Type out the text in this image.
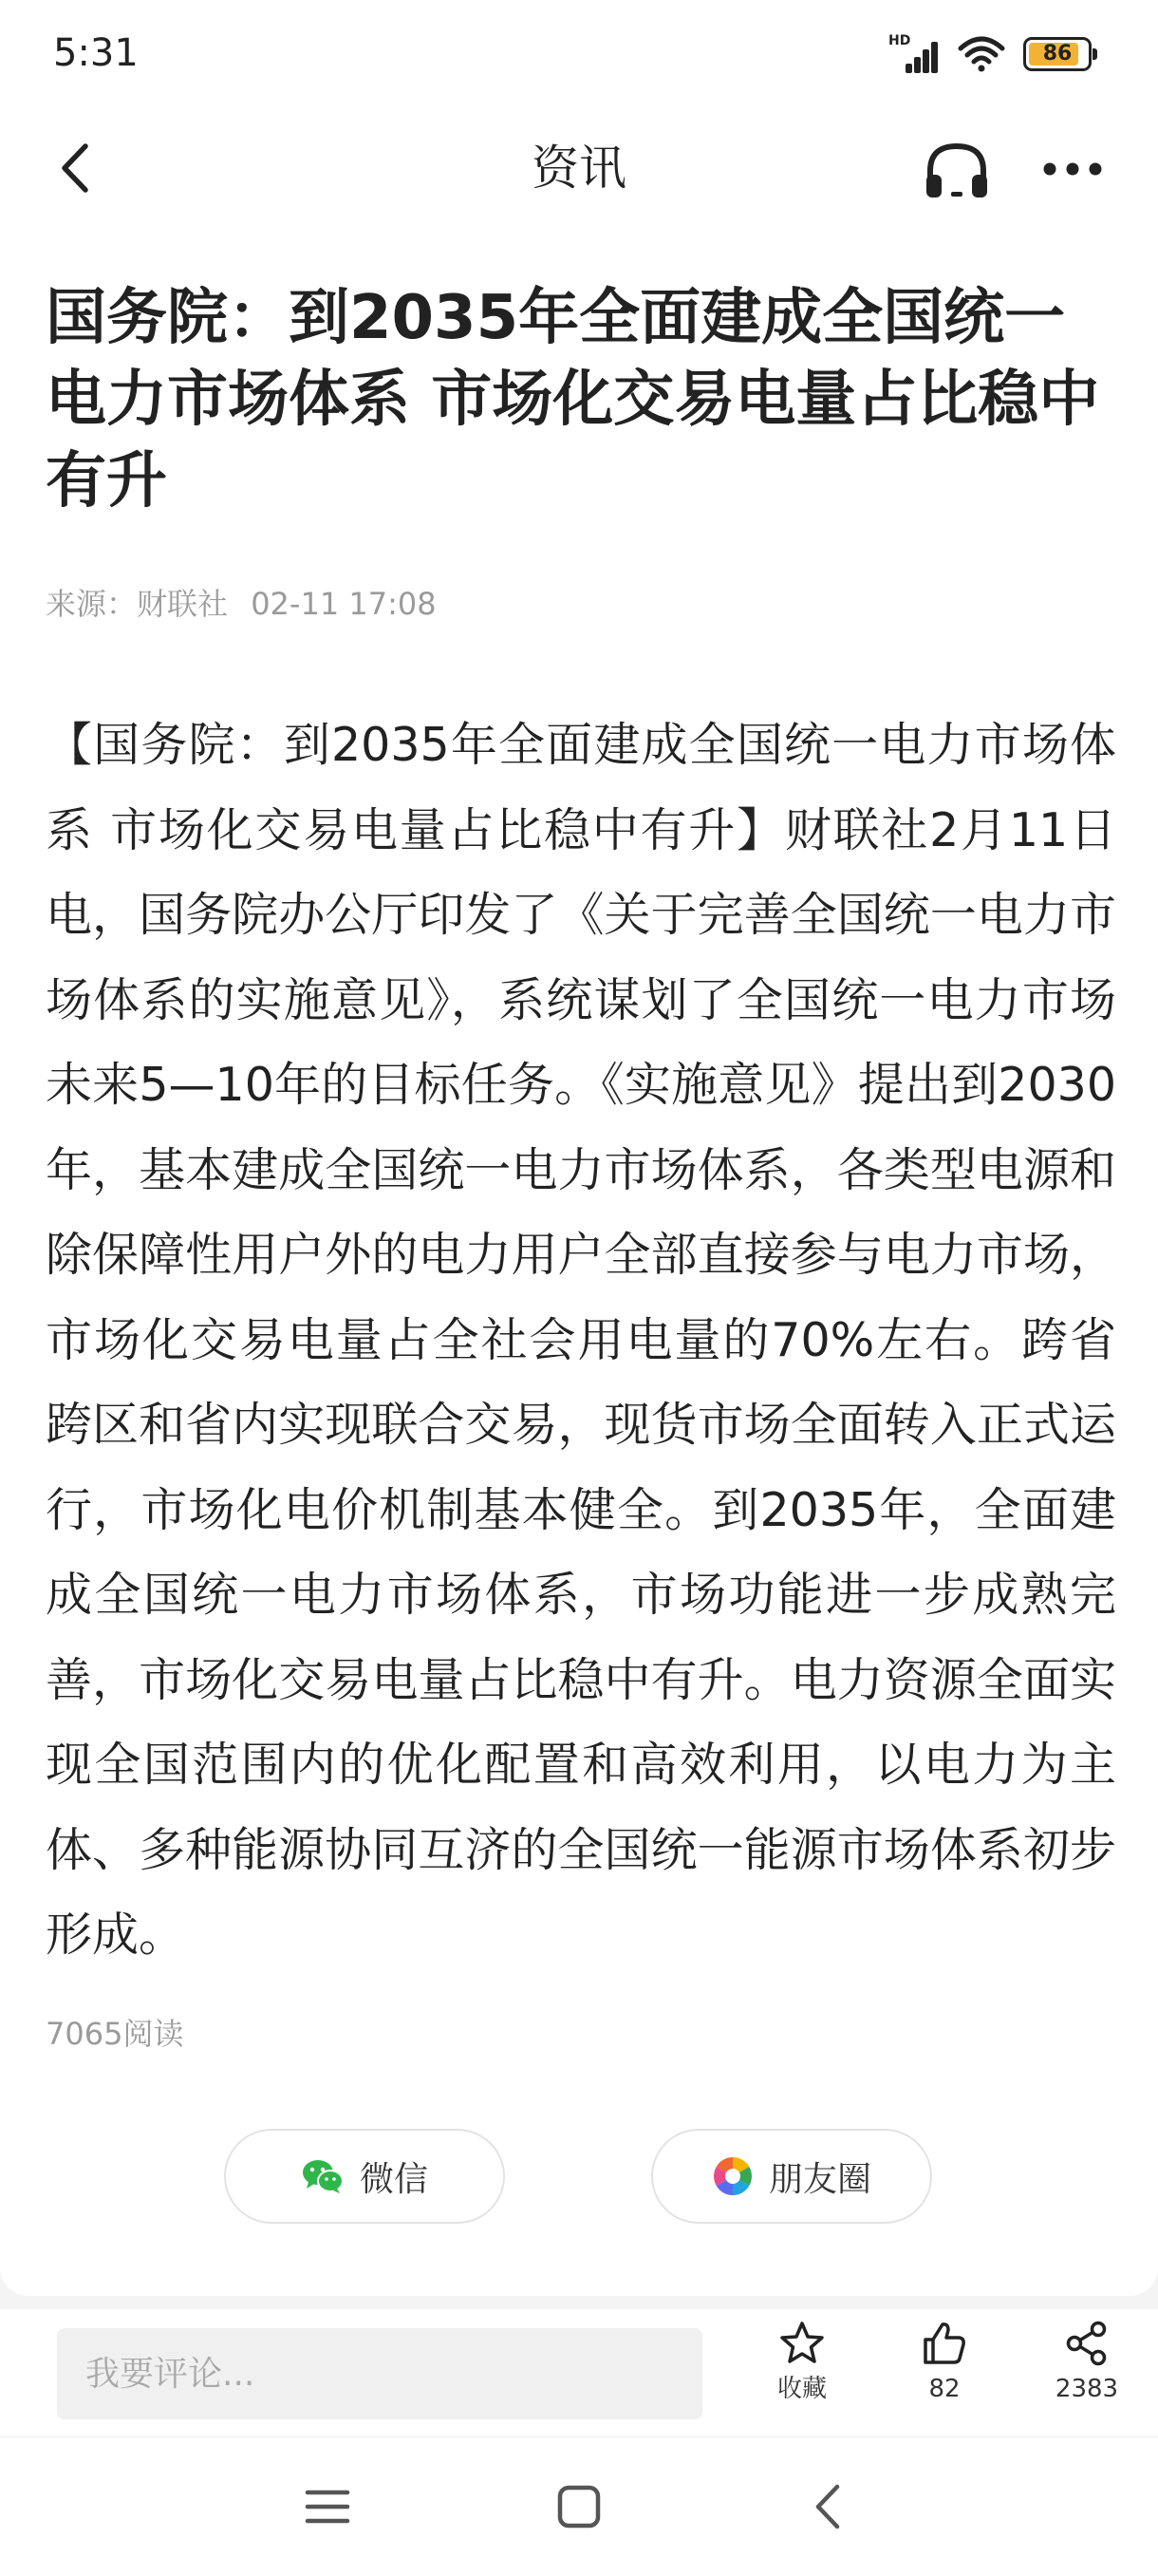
5:31	HD
86
资讯
国务院：到2035年全面建成全国统一电力市场体系 市场化交易电量占比稳中有升
来源：财联社 02-11 17:08

【国务院：到2035年全面建成全国统一电力市场体系 市场化交易电量占比稳中有升】财联社2月11日电，国务院办公厅印发了《关于完善全国统一电力市场体系的实施意见》，系统谋划了全国统一电力市场未来5—10年的目标任务。《实施意见》提出到2030年，基本建成全国统一电力市场体系，各类型电源和除保障性用户外的电力用户全部直接参与电力市场，市场化交易电量占全社会用电量的70%左右。跨省跨区和省内实现联合交易，现货市场全面转入正式运行，市场化电价机制基本健全。到2035年，全面建成全国统一电力市场体系，市场功能进一步成熟完善，市场化交易电量占比稳中有升。电力资源全面实现全国范围内的优化配置和高效利用，以电力为主体、多种能源协同互济的全国统一能源市场体系初步形成。

7065阅读
微信	朋友圈
我要评论...
收藏	82	2383
